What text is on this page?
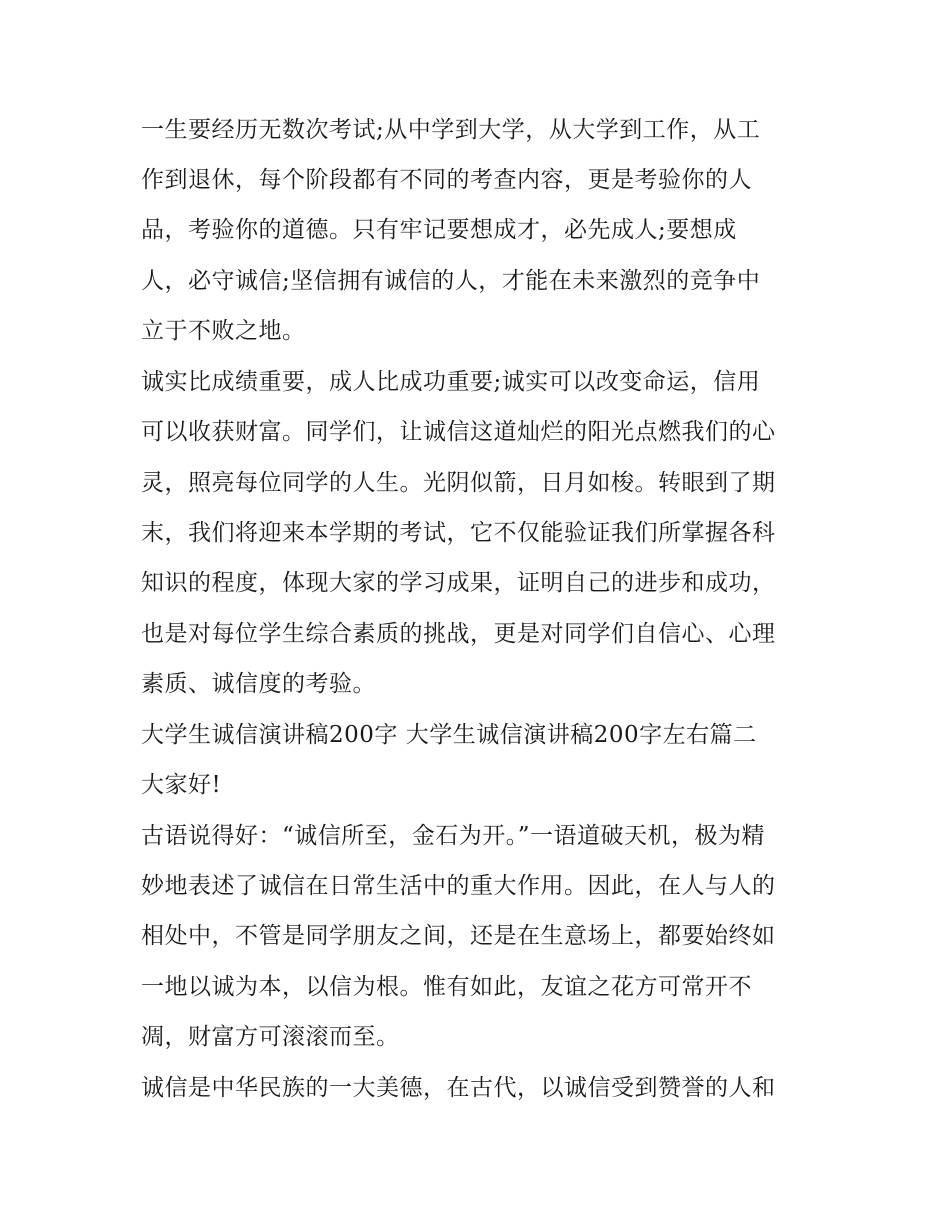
一生要经历无数次考试;从中学到大学，从大学到工作，从工
作到退休，每个阶段都有不同的考查内容，更是考验你的人
品，考验你的道德。只有牢记要想成才，必先成人;要想成
人，必守诚信;坚信拥有诚信的人，才能在未来激烈的竞争中
立于不败之地。
诚实比成绩重要，成人比成功重要;诚实可以改变命运，信用
可以收获财富。同学们，让诚信这道灿烂的阳光点燃我们的心
灵，照亮每位同学的人生。光阴似箭，日月如梭。转眼到了期
末，我们将迎来本学期的考试，它不仅能验证我们所掌握各科
知识的程度，体现大家的学习成果，证明自己的进步和成功，
也是对每位学生综合素质的挑战，更是对同学们自信心、心理
素质、诚信度的考验。
大学生诚信演讲稿200字 大学生诚信演讲稿200字左右篇二
大家好!
古语说得好：“诚信所至，金石为开。”一语道破天机，极为精
妙地表述了诚信在日常生活中的重大作用。因此，在人与人的
相处中，不管是同学朋友之间，还是在生意场上，都要始终如
一地以诚为本，以信为根。惟有如此，友谊之花方可常开不
凋，财富方可滚滚而至。
诚信是中华民族的一大美德，在古代，以诚信受到赞誉的人和
